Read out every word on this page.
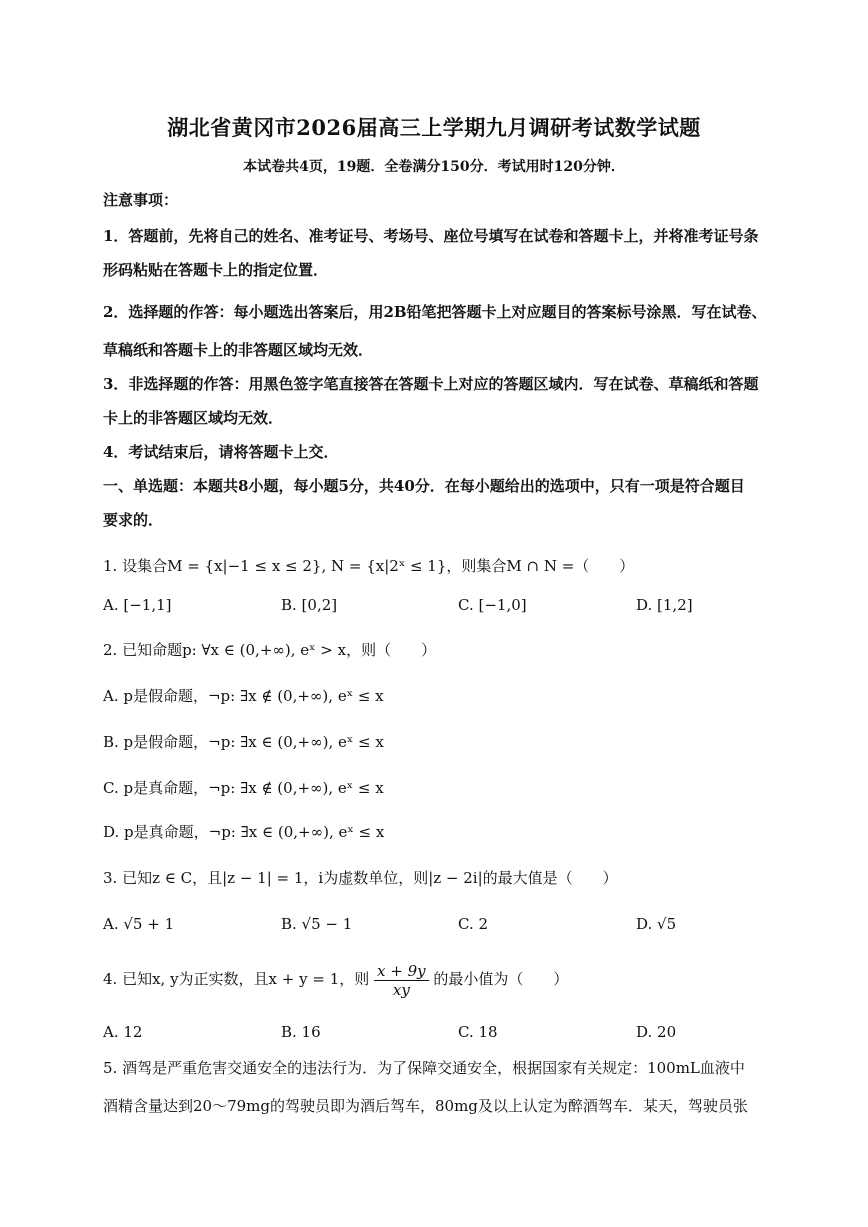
湖北省黄冈市2026届高三上学期九月调研考试数学试题
本试卷共4页，19题．全卷满分150分．考试用时120分钟．
注意事项：
1．答题前，先将自己的姓名、准考证号、考场号、座位号填写在试卷和答题卡上，并将准考证号条
形码粘贴在答题卡上的指定位置．
2．选择题的作答：每小题选出答案后，用2B铅笔把答题卡上对应题目的答案标号涂黑．写在试卷、
草稿纸和答题卡上的非答题区域均无效．
3．非选择题的作答：用黑色签字笔直接答在答题卡上对应的答题区域内．写在试卷、草稿纸和答题
卡上的非答题区域均无效．
4．考试结束后，请将答题卡上交．
一、单选题：本题共8小题，每小题5分，共40分．在每小题给出的选项中，只有一项是符合题目
要求的．
1. 设集合M = {x|−1 ≤ x ≤ 2}, N = {x|2ˣ ≤ 1}，则集合M ∩ N =（　　）
A. [−1,1]	B. [0,2]	C. [−1,0]	D. [1,2]
2. 已知命题p: ∀x ∈ (0,+∞), eˣ > x，则（　　）
A. p是假命题，¬p: ∃x ∉ (0,+∞), eˣ ≤ x
B. p是假命题，¬p: ∃x ∈ (0,+∞), eˣ ≤ x
C. p是真命题，¬p: ∃x ∉ (0,+∞), eˣ ≤ x
D. p是真命题，¬p: ∃x ∈ (0,+∞), eˣ ≤ x
3. 已知z ∈ C，且|z − 1| = 1，i为虚数单位，则|z − 2i|的最大值是（　　）
A. √5 + 1	B. √5 − 1	C. 2	D. √5
4. 已知x, y为正实数，且x + y = 1，则 $\frac{x + 9y}{xy}$ 的最小值为（　　）
A. 12	B. 16	C. 18	D. 20
5. 酒驾是严重危害交通安全的违法行为．为了保障交通安全，根据国家有关规定：100mL血液中
酒精含量达到20～79mg的驾驶员即为酒后驾车，80mg及以上认定为醉酒驾车．某天，驾驶员张
